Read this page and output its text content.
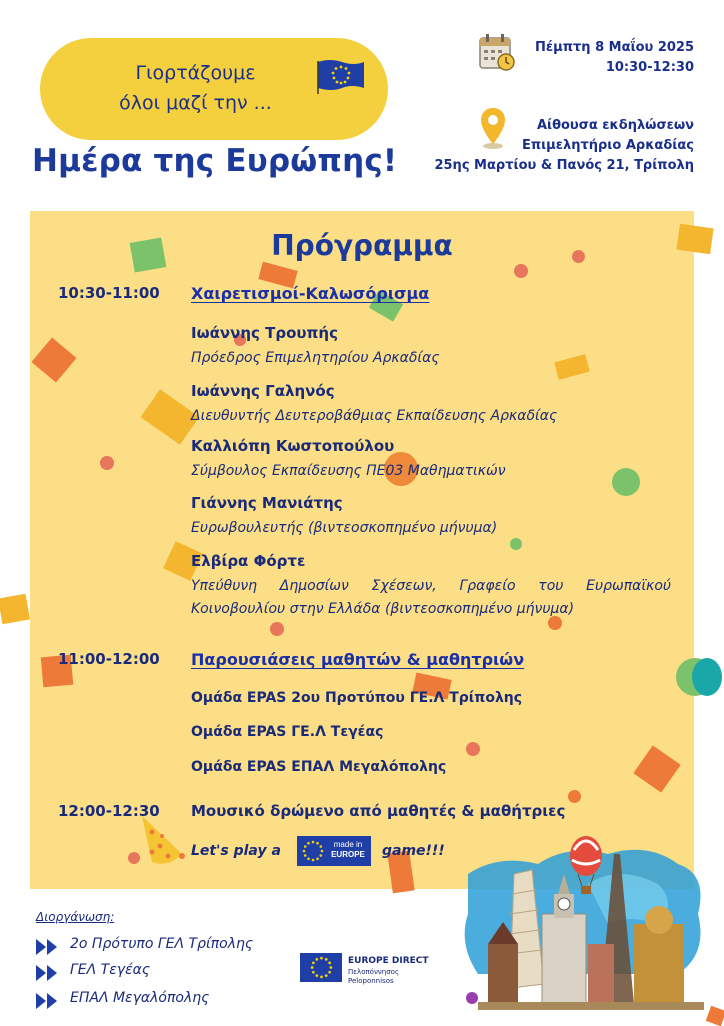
Γιορτάζουμε
όλοι μαζί την ...
Ημέρα της Ευρώπης!
Πέμπτη 8 Μαΐου 2025
10:30-12:30
Αίθουσα εκδηλώσεων
Επιμελητήριο Αρκαδίας
25ης Μαρτίου & Πανός 21, Τρίπολη
Πρόγραμμα
10:30-11:00 Χαιρετισμοί-Καλωσόρισμα
Ιωάννης Τρουπής
Πρόεδρος Επιμελητηρίου Αρκαδίας
Ιωάννης Γαληνός
Διευθυντής Δευτεροβάθμιας Εκπαίδευσης Αρκαδίας
Καλλιόπη Κωστοπούλου
Σύμβουλος Εκπαίδευσης ΠΕ03 Μαθηματικών
Γιάννης Μανιάτης
Ευρωβουλευτής (βιντεοσκοπημένο μήνυμα)
Ελβίρα Φόρτε
Υπεύθυνη Δημοσίων Σχέσεων, Γραφείο του Ευρωπαϊκού
Κοινοβουλίου στην Ελλάδα (βιντεοσκοπημένο μήνυμα)
11:00-12:00 Παρουσιάσεις μαθητών & μαθητριών
Ομάδα EPAS 2ου Προτύπου ΓΕ.Λ Τρίπολης
Ομάδα EPAS ΓΕ.Λ Τεγέας
Ομάδα EPAS ΕΠΑΛ Μεγαλόπολης
12:00-12:30 Μουσικό δρώμενο από μαθητές & μαθήτριες
Let's play a	made in
EUROPE game!!!
Διοργάνωση:
2ο Πρότυπο ΓΕΛ Τρίπολης
ΓΕΛ Τεγέας
ΕΠΑΛ Μεγαλόπολης
EUROPE DIRECT
Πελοπόννησος
Peloponnisos
